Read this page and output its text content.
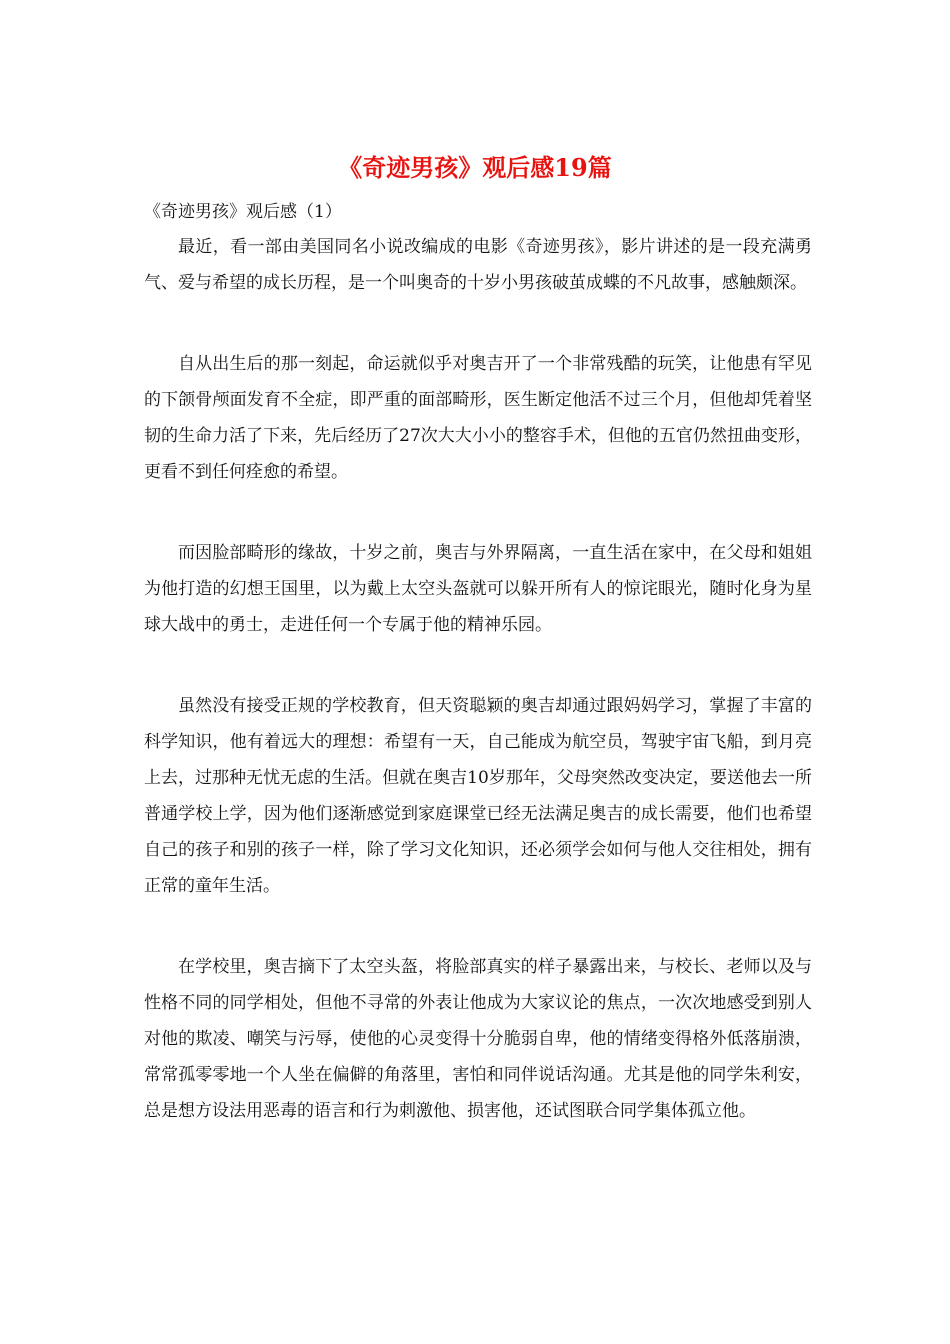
《奇迹男孩》观后感19篇

《奇迹男孩》观后感（1）

最近，看一部由美国同名小说改编成的电影《奇迹男孩》，影片讲述的是一段充满勇气、爱与希望的成长历程，是一个叫奥奇的十岁小男孩破茧成蝶的不凡故事，感触颇深。

自从出生后的那一刻起，命运就似乎对奥吉开了一个非常残酷的玩笑，让他患有罕见的下颌骨颅面发育不全症，即严重的面部畸形，医生断定他活不过三个月，但他却凭着坚韧的生命力活了下来，先后经历了27次大大小小的整容手术，但他的五官仍然扭曲变形，更看不到任何痊愈的希望。

而因脸部畸形的缘故，十岁之前，奥吉与外界隔离，一直生活在家中，在父母和姐姐为他打造的幻想王国里，以为戴上太空头盔就可以躲开所有人的惊诧眼光，随时化身为星球大战中的勇士，走进任何一个专属于他的精神乐园。

虽然没有接受正规的学校教育，但天资聪颖的奥吉却通过跟妈妈学习，掌握了丰富的科学知识，他有着远大的理想：希望有一天，自己能成为航空员，驾驶宇宙飞船，到月亮上去，过那种无忧无虑的生活。但就在奥吉10岁那年，父母突然改变决定，要送他去一所普通学校上学，因为他们逐渐感觉到家庭课堂已经无法满足奥吉的成长需要，他们也希望自己的孩子和别的孩子一样，除了学习文化知识，还必须学会如何与他人交往相处，拥有正常的童年生活。

在学校里，奥吉摘下了太空头盔，将脸部真实的样子暴露出来，与校长、老师以及与性格不同的同学相处，但他不寻常的外表让他成为大家议论的焦点，一次次地感受到别人对他的欺凌、嘲笑与污辱，使他的心灵变得十分脆弱自卑，他的情绪变得格外低落崩溃，常常孤零零地一个人坐在偏僻的角落里，害怕和同伴说话沟通。尤其是他的同学朱利安，总是想方设法用恶毒的语言和行为刺激他、损害他，还试图联合同学集体孤立他。
